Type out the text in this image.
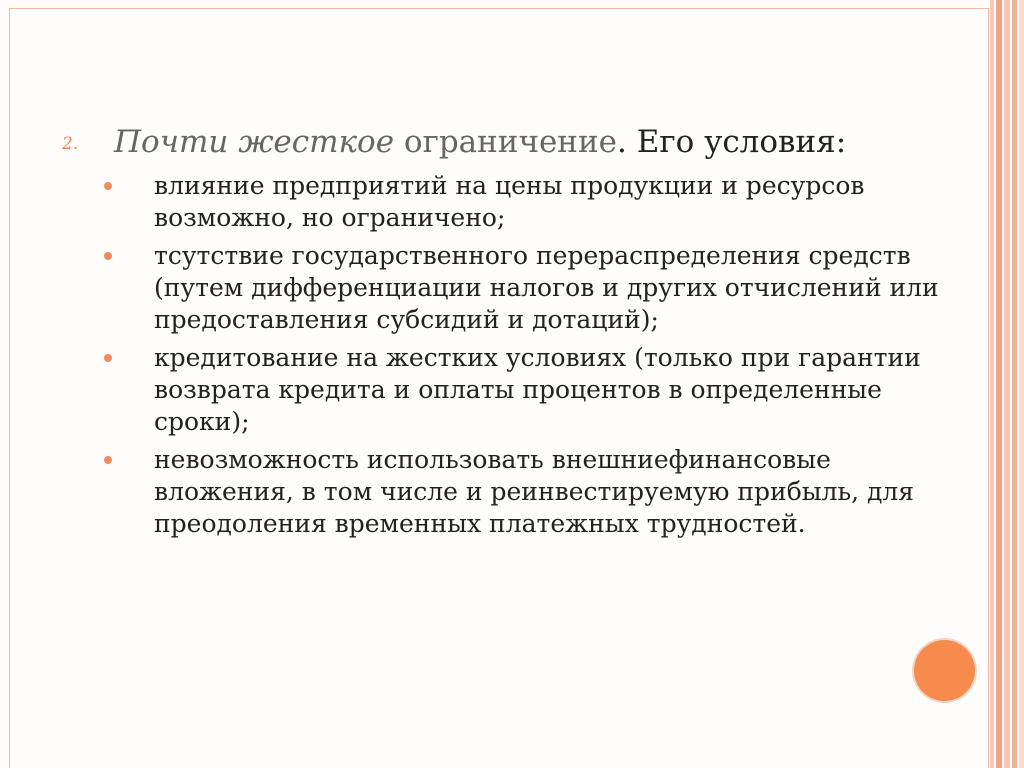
2. Почти жесткое ограничение. Его условия:
влияние предприятий на цены продукции и ресурсов возможно, но ограничено;
тсутствие государственного перераспределения средств (путем дифференциации налогов и других отчислений или предоставления субсидий и дотаций);
кредитование на жестких условиях (только при гарантии возврата кредита и оплаты процентов в определенные сроки);
невозможность использовать внешниефинансовые вложения, в том числе и реинвестируемую прибыль, для преодоления временных платежных трудностей.
